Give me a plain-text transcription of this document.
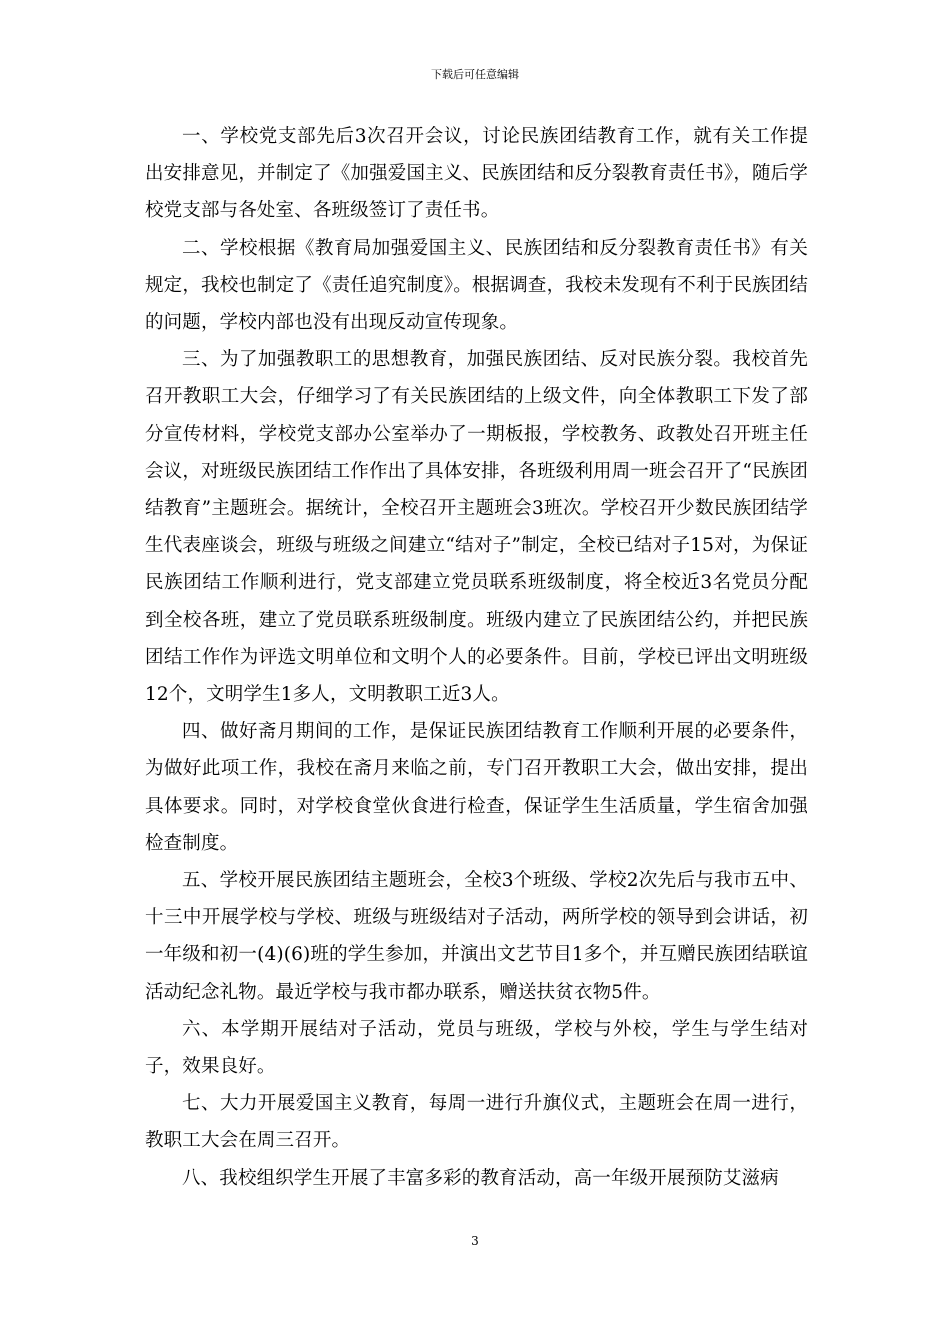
下载后可任意编辑

一、学校党支部先后3次召开会议，讨论民族团结教育工作，就有关工作提出安排意见，并制定了《加强爱国主义、民族团结和反分裂教育责任书》，随后学校党支部与各处室、各班级签订了责任书。

二、学校根据《教育局加强爱国主义、民族团结和反分裂教育责任书》有关规定，我校也制定了《责任追究制度》。根据调查，我校未发现有不利于民族团结的问题，学校内部也没有出现反动宣传现象。

三、为了加强教职工的思想教育，加强民族团结、反对民族分裂。我校首先召开教职工大会，仔细学习了有关民族团结的上级文件，向全体教职工下发了部分宣传材料，学校党支部办公室举办了一期板报，学校教务、政教处召开班主任会议，对班级民族团结工作作出了具体安排，各班级利用周一班会召开了“民族团结教育”主题班会。据统计，全校召开主题班会3班次。学校召开少数民族团结学生代表座谈会，班级与班级之间建立“结对子”制定，全校已结对子15对，为保证民族团结工作顺利进行，党支部建立党员联系班级制度，将全校近3名党员分配到全校各班，建立了党员联系班级制度。班级内建立了民族团结公约，并把民族团结工作作为评选文明单位和文明个人的必要条件。目前，学校已评出文明班级12个，文明学生1多人，文明教职工近3人。

四、做好斋月期间的工作，是保证民族团结教育工作顺利开展的必要条件，为做好此项工作，我校在斋月来临之前，专门召开教职工大会，做出安排，提出具体要求。同时，对学校食堂伙食进行检查，保证学生生活质量，学生宿舍加强检查制度。

五、学校开展民族团结主题班会，全校3个班级、学校2次先后与我市五中、十三中开展学校与学校、班级与班级结对子活动，两所学校的领导到会讲话，初一年级和初一(4)(6)班的学生参加，并演出文艺节目1多个，并互赠民族团结联谊活动纪念礼物。最近学校与我市都办联系，赠送扶贫衣物5件。

六、本学期开展结对子活动，党员与班级，学校与外校，学生与学生结对子，效果良好。

七、大力开展爱国主义教育，每周一进行升旗仪式，主题班会在周一进行，教职工大会在周三召开。

八、我校组织学生开展了丰富多彩的教育活动，高一年级开展预防艾滋病

3
